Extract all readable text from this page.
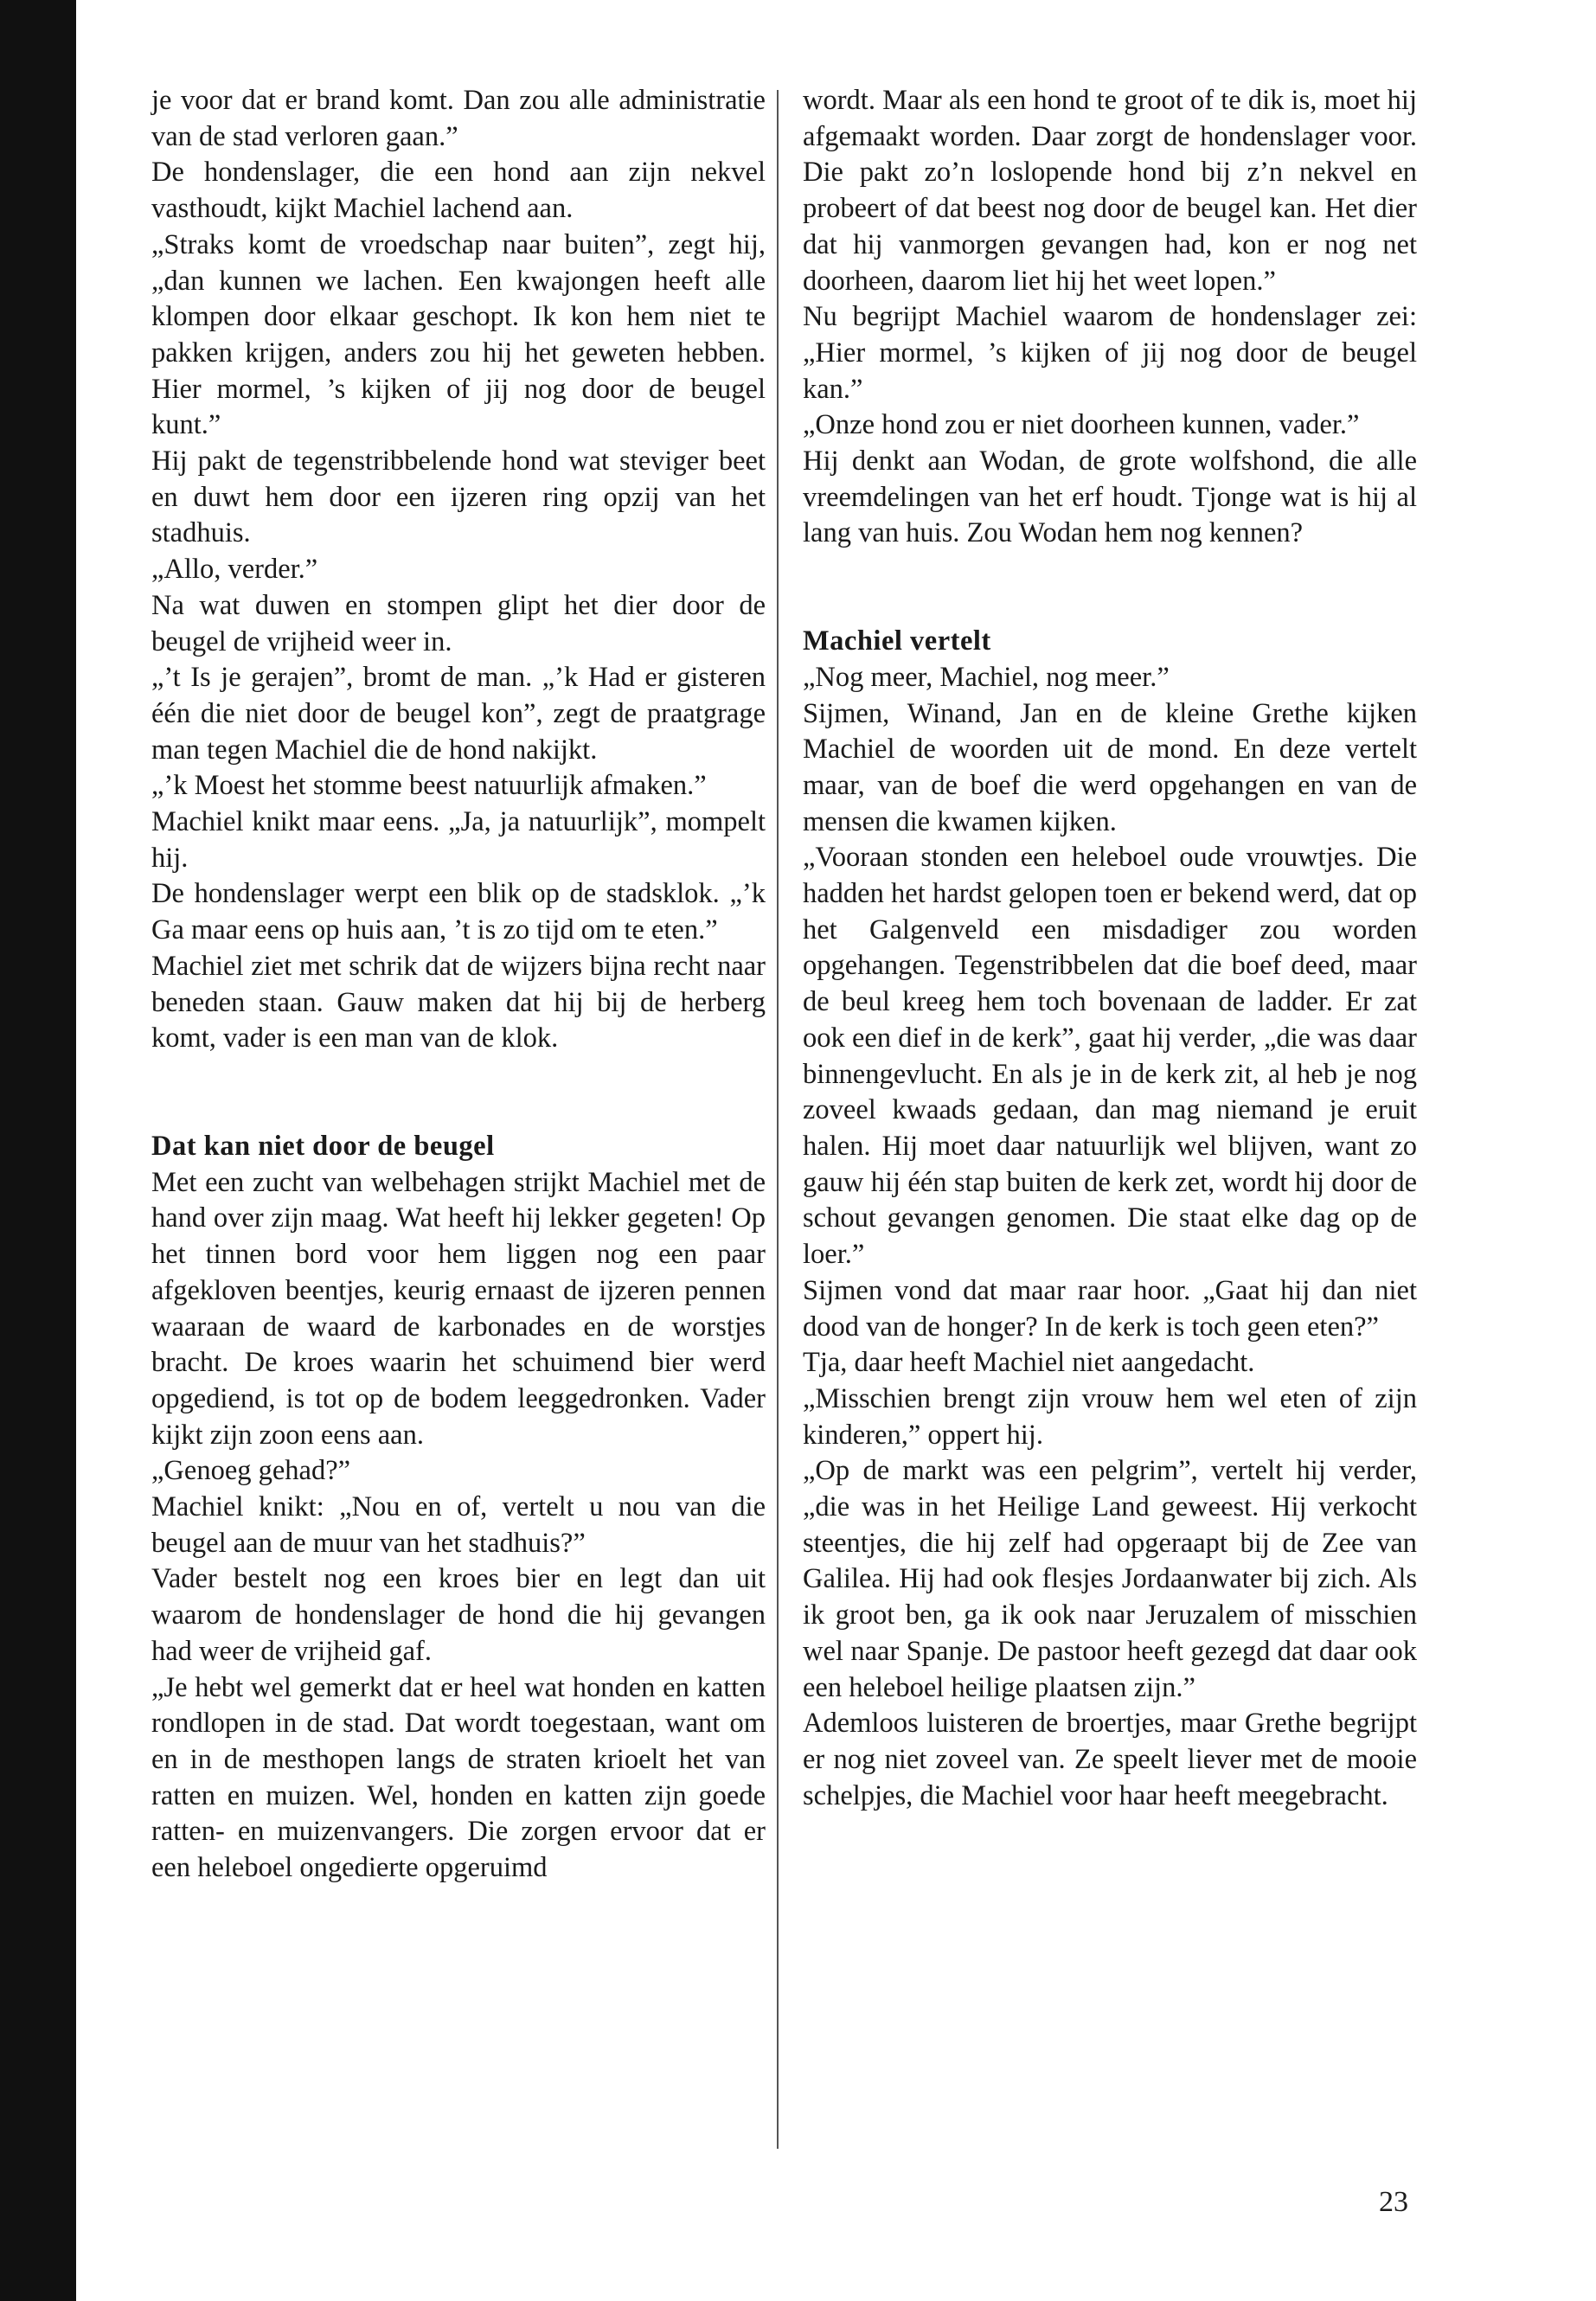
je voor dat er brand komt. Dan zou alle administratie van de stad verloren gaan.”

De hondenslager, die een hond aan zijn nekvel vasthoudt, kijkt Machiel lachend aan.

„Straks komt de vroedschap naar buiten”, zegt hij, „dan kunnen we lachen. Een kwajongen heeft alle klompen door elkaar geschopt. Ik kon hem niet te pakken krijgen, anders zou hij het geweten hebben. Hier mormel, ’s kijken of jij nog door de beugel kunt.”

Hij pakt de tegenstribbelende hond wat steviger beet en duwt hem door een ijzeren ring opzij van het stadhuis.

„Allo, verder.”

Na wat duwen en stompen glipt het dier door de beugel de vrijheid weer in.

„’t Is je gerajen”, bromt de man. „’k Had er gisteren één die niet door de beugel kon”, zegt de praatgrage man tegen Machiel die de hond nakijkt.

„’k Moest het stomme beest natuurlijk afmaken.”

Machiel knikt maar eens. „Ja, ja natuurlijk”, mompelt hij.

De hondenslager werpt een blik op de stadsklok. „’k Ga maar eens op huis aan, ’t is zo tijd om te eten.”

Machiel ziet met schrik dat de wijzers bijna recht naar beneden staan. Gauw maken dat hij bij de herberg komt, vader is een man van de klok.

Dat kan niet door de beugel

Met een zucht van welbehagen strijkt Machiel met de hand over zijn maag. Wat heeft hij lekker gegeten! Op het tinnen bord voor hem liggen nog een paar afgekloven beentjes, keurig ernaast de ijzeren pennen waaraan de waard de karbonades en de worstjes bracht. De kroes waarin het schuimend bier werd opgediend, is tot op de bodem leeggedronken. Vader kijkt zijn zoon eens aan.

„Genoeg gehad?”

Machiel knikt: „Nou en of, vertelt u nou van die beugel aan de muur van het stadhuis?”

Vader bestelt nog een kroes bier en legt dan uit waarom de hondenslager de hond die hij gevangen had weer de vrijheid gaf.

„Je hebt wel gemerkt dat er heel wat honden en katten rondlopen in de stad. Dat wordt toegestaan, want om en in de mesthopen langs de straten krioelt het van ratten en muizen. Wel, honden en katten zijn goede ratten- en muizenvangers. Die zorgen ervoor dat er een heleboel ongedierte opgeruimd

wordt. Maar als een hond te groot of te dik is, moet hij afgemaakt worden. Daar zorgt de hondenslager voor. Die pakt zo’n loslopende hond bij z’n nekvel en probeert of dat beest nog door de beugel kan. Het dier dat hij vanmorgen gevangen had, kon er nog net doorheen, daarom liet hij het weet lopen.”

Nu begrijpt Machiel waarom de hondenslager zei: „Hier mormel, ’s kijken of jij nog door de beugel kan.”

„Onze hond zou er niet doorheen kunnen, vader.”

Hij denkt aan Wodan, de grote wolfshond, die alle vreemdelingen van het erf houdt. Tjonge wat is hij al lang van huis. Zou Wodan hem nog kennen?

Machiel vertelt

„Nog meer, Machiel, nog meer.”

Sijmen, Winand, Jan en de kleine Grethe kijken Machiel de woorden uit de mond. En deze vertelt maar, van de boef die werd opgehangen en van de mensen die kwamen kijken.

„Vooraan stonden een heleboel oude vrouwtjes. Die hadden het hardst gelopen toen er bekend werd, dat op het Galgenveld een misdadiger zou worden opgehangen. Tegenstribbelen dat die boef deed, maar de beul kreeg hem toch bovenaan de ladder. Er zat ook een dief in de kerk”, gaat hij verder, „die was daar binnengevlucht. En als je in de kerk zit, al heb je nog zoveel kwaads gedaan, dan mag niemand je eruit halen. Hij moet daar natuurlijk wel blijven, want zo gauw hij één stap buiten de kerk zet, wordt hij door de schout gevangen genomen. Die staat elke dag op de loer.”

Sijmen vond dat maar raar hoor. „Gaat hij dan niet dood van de honger? In de kerk is toch geen eten?”

Tja, daar heeft Machiel niet aangedacht.

„Misschien brengt zijn vrouw hem wel eten of zijn kinderen,” oppert hij.

„Op de markt was een pelgrim”, vertelt hij verder, „die was in het Heilige Land geweest. Hij verkocht steentjes, die hij zelf had opgeraapt bij de Zee van Galilea. Hij had ook flesjes Jordaanwater bij zich. Als ik groot ben, ga ik ook naar Jeruzalem of misschien wel naar Spanje. De pastoor heeft gezegd dat daar ook een heleboel heilige plaatsen zijn.”

Ademloos luisteren de broertjes, maar Grethe begrijpt er nog niet zoveel van. Ze speelt liever met de mooie schelpjes, die Machiel voor haar heeft meegebracht.

23
